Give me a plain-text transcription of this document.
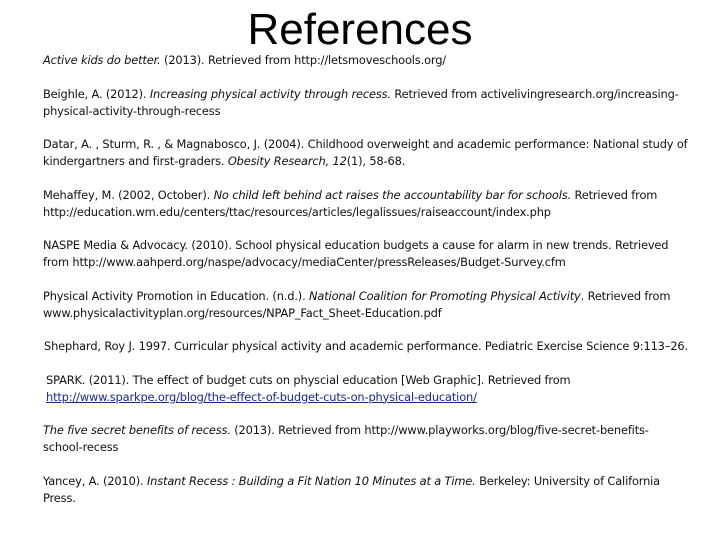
References

Active kids do better. (2013). Retrieved from http://letsmoveschools.org/

Beighle, A. (2012). Increasing physical activity through recess. Retrieved from activelivingresearch.org/increasing-physical-activity-through-recess

Datar, A. , Sturm, R. , & Magnabosco, J. (2004). Childhood overweight and academic performance: National study of kindergartners and first-graders. Obesity Research, 12(1), 58-68.

Mehaffey, M. (2002, October). No child left behind act raises the accountability bar for schools. Retrieved from http://education.wm.edu/centers/ttac/resources/articles/legalissues/raiseaccount/index.php

NASPE Media & Advocacy. (2010). School physical education budgets a cause for alarm in new trends. Retrieved from http://www.aahperd.org/naspe/advocacy/mediaCenter/pressReleases/Budget-Survey.cfm

Physical Activity Promotion in Education. (n.d.). National Coalition for Promoting Physical Activity. Retrieved from www.physicalactivityplan.org/resources/NPAP_Fact_Sheet-Education.pdf

Shephard, Roy J. 1997. Curricular physical activity and academic performance. Pediatric Exercise Science 9:113–26.

SPARK. (2011). The effect of budget cuts on physcial education [Web Graphic]. Retrieved from http://www.sparkpe.org/blog/the-effect-of-budget-cuts-on-physical-education/

The five secret benefits of recess. (2013). Retrieved from http://www.playworks.org/blog/five-secret-benefits-school-recess

Yancey, A. (2010). Instant Recess : Building a Fit Nation 10 Minutes at a Time. Berkeley: University of California Press.
